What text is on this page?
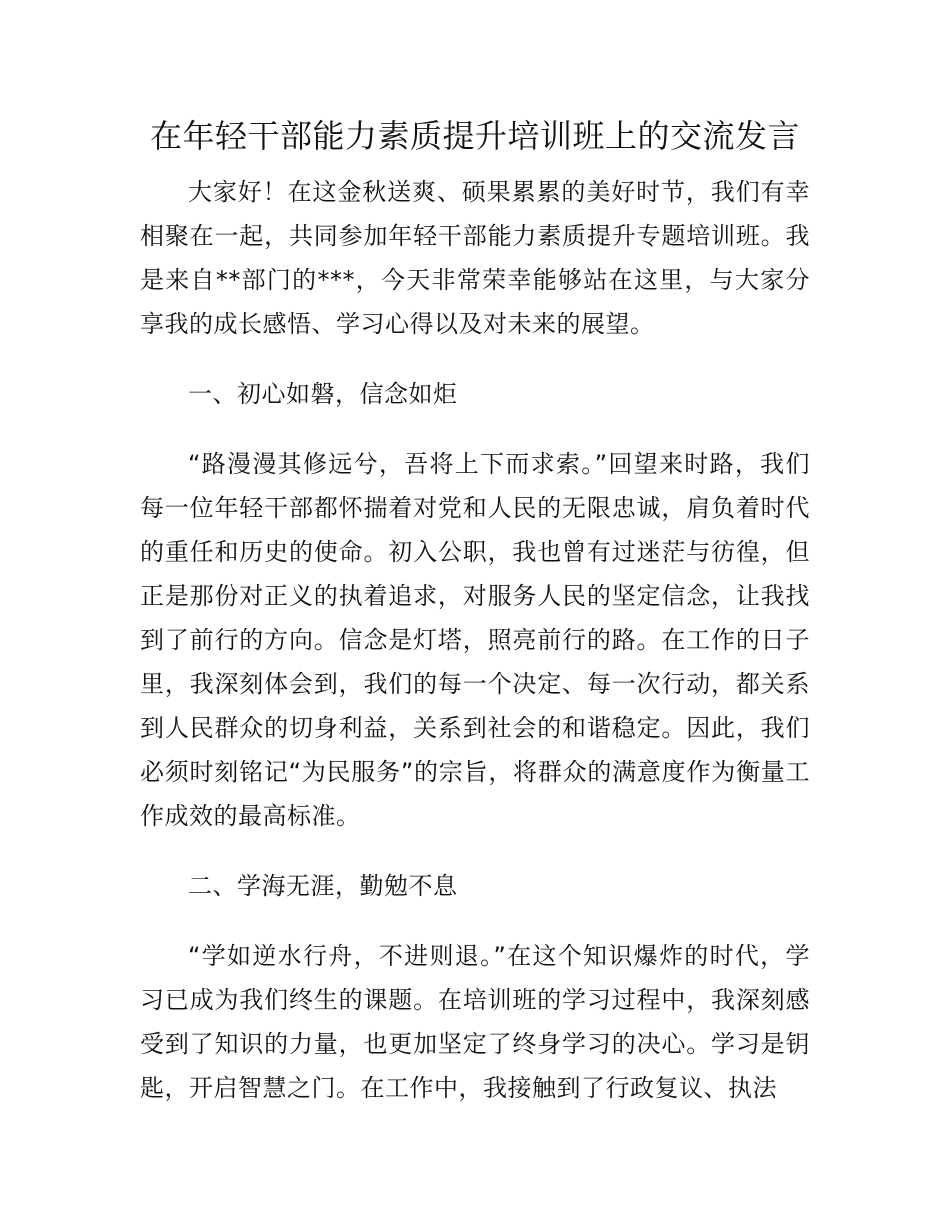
在年轻干部能力素质提升培训班上的交流发言

大家好！在这金秋送爽、硕果累累的美好时节，我们有幸相聚在一起，共同参加年轻干部能力素质提升专题培训班。我是来自**部门的***，今天非常荣幸能够站在这里，与大家分享我的成长感悟、学习心得以及对未来的展望。

一、初心如磐，信念如炬

“路漫漫其修远兮，吾将上下而求索。”回望来时路，我们每一位年轻干部都怀揣着对党和人民的无限忠诚，肩负着时代的重任和历史的使命。初入公职，我也曾有过迷茫与彷徨，但正是那份对正义的执着追求，对服务人民的坚定信念，让我找到了前行的方向。信念是灯塔，照亮前行的路。在工作的日子里，我深刻体会到，我们的每一个决定、每一次行动，都关系到人民群众的切身利益，关系到社会的和谐稳定。因此，我们必须时刻铭记“为民服务”的宗旨，将群众的满意度作为衡量工作成效的最高标准。

二、学海无涯，勤勉不息

“学如逆水行舟，不进则退。”在这个知识爆炸的时代，学习已成为我们终生的课题。在培训班的学习过程中，我深刻感受到了知识的力量，也更加坚定了终身学习的决心。学习是钥匙，开启智慧之门。在工作中，我接触到了行政复议、执法
